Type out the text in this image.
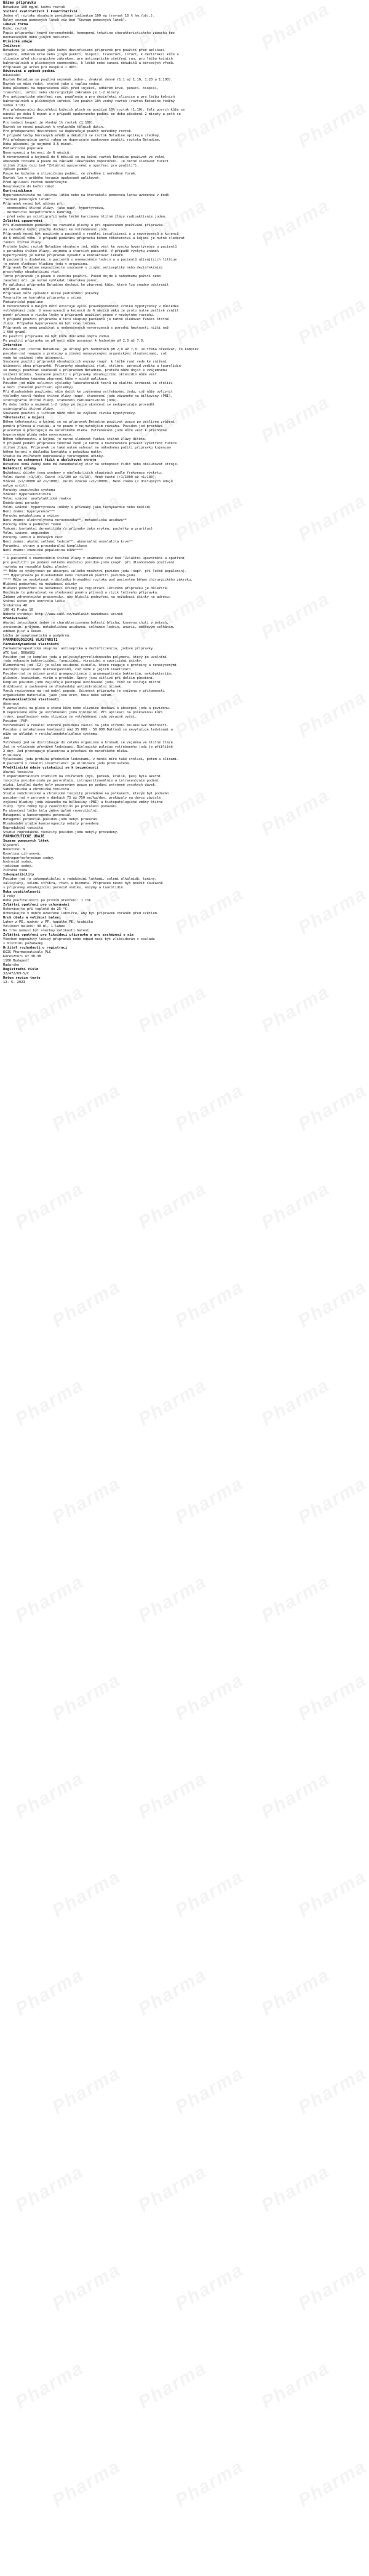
Název přípravku
Betadine 100 mg/ml kožní roztok
Složení kvalitativní i kvantitativní
Jeden ml roztoku obsahuje povidonum iodinatum 100 mg (rovnat 10 % hm./obj.).
Úplný seznam pomocných látek viz bod "Seznam pomocných látek".
Léková forma
Kožní roztok
Popis přípravku: tmavě červenohnědá, homogenní tekutina charakteristického zápachu bez
mechanických nebo jiných nečistot.
Klinické údaje
Indikace
Betadine je indikován jako kožní dezinficiens přípravek pro použití před aplikací
injekce, odběrem krve nebo jiným punkcí, biopsií, transfúzí, infúzí, k dezinfekci kůže a
sliznice před chirurgickým zákrokem, pro antiseptické ošetření ran, pro léčbu kožních
bakteriálních a plísňových onemocnění, k léčbě nebo sanaci dekubitů a bércových vředů.
Přípravek je určen pro dospělé i děti.
Dávkování a způsob podání
Dávkování
Roztok Betadine se používá nejméně jedno-, dvakrát denně (1:1 až 1:10, 1:20 a 1:100).
Roztok se může ředit, stejně jako i teplou vodou.
Doba působení na neporušenou kůži před injekcí, odběrem krve, punkcí, biopsií,
transfúzí, infúzí nebo chirurgickým zákrokem je 1-2 minuty.
Pro antiseptické ošetření ran, popálenin a pro dezinfekci sliznice a pro léčbu kožních
bakteriálních a plísňových infekcí lze použít 10% vodný roztok (roztok Betadine ředěný
vodou 1:10).
Pro předoperační dezinfekci kožních ploch se používá 10% roztok (1:10). Celý povrch kůže se
nanáší po dobu 5 minut a v případě opakovaného podání se doba působení 2 minuty a poté se
nechá zaschnout.
Pro sedací koupel je vhodný 1% roztok (1:100).
Roztok se nesmí používat k výplachům tělních dutin.
Pro předoperační dezinfekci se doporučuje použít neředěný roztok.
V případě léčby bércových vředů a dekubitů se roztok Betadine aplikuje zředěný.
Při předoperačním umytí rukou se doporučuje opakované použití roztoku Betadine.
Doba působení je nejméně 3-5 minut.
Pediatrická populace
Novorozenci a kojenci do 6 měsíců:
U novorozenců a kojenců do 6 měsíců se má kožní roztok Betadine používat ve velmi
omezeném rozsahu a pouze na základě lékařského doporučení. Je nutné sledovat funkci
štítné žlázy (viz bod "Zvláštní upozornění a opatření pro použití").
Způsob podání
Pouze ke kožnímu a slizničnímu podání, ve zředěné i neředěné formě.
Roztok lze v průběhu terapie opakovaně aplikovat.
Před aplikací roztok neohřívejte.
Nevylévejte do kožní rány!
Kontraindikace
Hypersenzitivita na léčivou látku nebo na kteroukoli pomocnou látku uvedenou v bodě
"Seznam pomocných látek".
Přípravek nesmí být užíván při:
- onemocnění štítné žlázy, jako např. hypertyreóza,
- dermatitis herpetiformis Duhring,
- před nebo po scintigrafii nebo léčbě karcinomu štítné žlázy radioaktivním jodem.
Zvláštní upozornění
Při dlouhodobém podávání na rozsáhlé plochy a při opakovaném používání přípravku
na rozsáhlé kožní plochy dochází ke vstřebávání jodu.
Přípravek nesmí být používán u pacientů s renální insuficiencí a u novorozenců a kojenců
do 6 měsíců věku. V případě podávání přípravku během těhotenství a kojení je nutné sledovat
funkci štítné žlázy.
Protože kožní roztok Betadine obsahuje jod, může vést ke vzniku hypertyreózy u pacientů
s poruchou štítné žlázy, zejména u starších pacientů. V případě výskytu známek
hypertyreózy je nutné přípravek vysadit a kontaktovat lékaře.
U pacientů s diabetem, u pacientů s onemocněním ledvin a u pacientů užívajících lithium
je nutné sledovat hladinu jodu v organismu.
Přípravek Betadine nepoužívejte současně s jinými antiseptiky nebo dezinfekčními
prostředky obsahujícími rtuť.
Tento přípravek je pouze k zevnímu použití. Pokud dojde k náhodnému požití nebo
zasažení očí, je nutné vyhledat lékařskou pomoc.
Po aplikaci přípravku Betadine dochází ke zbarvení kůže, které lze snadno odstranit
mýdlem a vodou.
Přípravek může způsobit mírné podráždění pokožky.
Vyvarujte se kontaktu přípravku s očima.
Pediatrická populace
U novorozenců a malých dětí existuje vyšší pravděpodobnost vzniku hypotyreózy v důsledku
vstřebávání jodu. U novorozenců a kojenců do 6 měsíců věku je proto nutné pečlivě zvážit
poměr přínosu a rizika léčby a přípravek používat pouze v nezbytném rozsahu.
V případě použití přípravku u této skupiny pacientů je nutné sledovat funkci štítné
žlázy. Případná hypotyreóza má být včas léčena.
Přípravek se nemá používat u nedonošených novorozenců s porodní hmotností nižší než
1 500 gramů.
Po použití přípravku má být kůže důkladně omyta vodou.
Po použití přípravku se pH moči může posunout k hodnotám pH 2,0 až 7,0.
Interakce
Povidon-jod (roztok Betadine) je účinný při hodnotách pH 2,0 až 7,0. Je třeba očekávat, že komplex
povidon-jod reaguje s proteiny a jinými nenasycenými organickými sloučeninami, což
vede ke snížení jeho účinnosti.
Současné použití přípravků obsahujících enzymy (např. k léčbě ran) vede ke snížení
účinnosti obou přípravků. Přípravky obsahující rtuť, stříbro, peroxid vodíku a taurolidin
se nemají používat současně s přípravkem Betadine, protože může dojít k vzájemnému
snížení účinku. Současné použití s přípravky obsahujícími oktenidin může vést
k přechodnému tmavému zbarvení kůže v místě aplikace.
Povidon-jod může ovlivnit výsledky laboratorních testů na okultní krvácení ve stolici
a moči (falešně pozitivní výsledky).
Při dlouhodobém používání může dojít ke zvýšenému vstřebávání jodu, což může ovlivnit
výsledky testů funkce štítné žlázy (např. stanovení jodu vázaného na bílkoviny (PBI),
scintigrafie štítné žlázy, stanovení radioaktivního jodu).
Po dobu léčby a nejméně 1-2 týdny po jejím ukončení se nedoporučuje provádět
scintigrafii štítné žlázy.
Současné použití s lithiem může vést ke zvýšení rizika hypotyreózy.
Těhotenství a kojení
Během těhotenství a kojení se má přípravek Betadine používat pouze po pečlivém zvážení
poměru přínosu a rizika, a to pouze v nejnutnějším rozsahu. Povidon-jod prochází
placentou a přestupuje do mateřského mléka. Vstřebávání jodu může vést k přechodné
hypotyreóze plodu nebo novorozence.
Během těhotenství a kojení je nutné sledovat funkci štítné žlázy dítěte.
V případě podání přípravku těhotné ženě je nutné u novorozence provést vyšetření funkce
štítné žlázy. Přípravek je také nutné vyhnout se náhodnému požití přípravku kojencem
během kojení v důsledku kontaktu s pokožkou matky.
Studie na zvířatech neprokázaly teratogenní účinky.
Účinky na schopnost řídit a obsluhovat stroje
Betadine nemá žádný nebo má zanedbatelný vliv na schopnost řídit nebo obsluhovat stroje.
Nežádoucí účinky
Nežádoucí účinky jsou uvedeny v následujících skupinách podle frekvence výskytu:
Velmi časté (>1/10), Časté (>1/100 až <1/10), Méně časté (>1/1000 až <1/100),
Vzácné (>1/10000 až <1/1000), Velmi vzácné (<1/10000), Není známo (z dostupných údajů
nelze určit).
Poruchy imunitního systému
Vzácné: hypersenzitivita
Velmi vzácné: anafylaktická reakce
Endokrinní poruchy
Velmi vzácné: hypertyreóza (někdy s příznaky jako tachykardie nebo neklid)
Není známo: hypotyreóza***
Poruchy metabolismu a výživy
Není známo: elektrolytová nerovnováha**, metabolická acidóza**
Poruchy kůže a podkožní tkáně
Vzácné: kontaktní dermatitida (s příznaky jako erytém, puchýřky a pruritus)
Velmi vzácné: angioedém
Poruchy ledvin a močových cest
Není známo: akutní selhání ledvin**, abnormální osmolalita krve**
Poranění, otravy a procedurální komplikace
Není známo: chemická popálenina kůže****
-------------------
* U pacientů s onemocněním štítné žlázy v anamnéze (viz bod "Zvláštní upozornění a opatření
pro použití") po podání velkého množství povidon-jodu (např. při dlouhodobém používání
roztoku na rozsáhlé kožní plochy).
** Může se vyskytnout po absorpci velkého množství povidon-jodu (např. při léčbě popálenin).
*** Hypotyreóza po dlouhodobém nebo rozsáhlém použití povidon-jodu.
**** Může se vyskytnout v důsledku hromadění roztoku pod pacientem během chirurgického zákroku.
Hlášení podezření na nežádoucí účinky
Hlášení podezření na nežádoucí účinky po registraci léčivého přípravku je důležité.
Umožňuje to pokračovat ve sledování poměru přínosů a rizik léčivého přípravku.
Žádáme zdravotnické pracovníky, aby hlásili podezření na nežádoucí účinky na adresu:
Státní ústav pro kontrolu léčiv
Šrobárova 48
100 41 Praha 10
Webové stránky: http://www.sukl.cz/nahlasit-nezadouci-ucinek
Předávkování
Akutní intoxikace jodem je charakterizována bolestí břicha, kovovou chutí v ústech,
zvracením, průjmem, metabolickou acidózou, selháním ledvin, anurií, oběhovým selháním,
edémem plic a šokem.
Léčba je symptomatická a podpůrná.
FARMAKOLOGICKÉ VLASTNOSTI
Farmakodynamické vlastnosti
Farmakoterapeutická skupina: antiseptika a dezinficiencia, jodové přípravky
ATC kód: D08AG02
Povidon-jod je komplex jodu a polyvinylpyrrolidonového polymeru, který po uvolnění
jodu vykazuje baktericidní, fungicidní, virucidní a sporicidní účinky.
Elementární jod (I2) je silné oxidační činidlo, které reaguje s proteiny a nenasycenými
mastnými kyselinami mikroorganismů, což vede k jejich inaktivaci.
Povidon-jod je účinný proti grampozitivním i gramnegativním bakteriím, mykobakteriím,
plísním, kvasinkám, virům a prvokům. Spory jsou citlivé při delším působení.
Komplex povidon-jodu zajišťuje postupné uvolňování jodu, čímž se snižuje místní
dráždivost a zachovává se dlouhodobý antimikrobiální účinek.
Vznik rezistence na jod nebyl popsán. Účinnost přípravku je snížena v přítomnosti
organického materiálu, jako jsou krev, hnis nebo sérum.
Farmakokinetické vlastnosti
Absorpce
V závislosti na ploše a stavu kůže nebo sliznice dochází k absorpci jodu a povidonu.
U neporušené kůže je vstřebávání jodu minimální. Při aplikaci na poškozenou kůži
(rány, popáleniny) nebo sliznice je vstřebávání jodu výrazně vyšší.
Povidon (PVP)
Vstřebávání a renální exkrece povidonu závisí na jeho střední molekulové hmotnosti.
Povidon s molekulovou hmotností nad 35 000 - 50 000 Daltonů se nevylučuje ledvinami a
může se ukládat v retikuloendoteliálním systému.
Jod
Vstřebaný jod se distribuuje do celého organismu a hromadí se zejména ve štítné žláze.
Jod je vylučován převážně ledvinami. Biologický poločas vstřebaného jodu je přibližně
2 dny. Jod prostupuje placentou a přechází do mateřského mléka.
Eliminace
Vylučování jodu probíhá především ledvinami, v menší míře také stolicí, potem a slinami.
U pacientů s renální insuficiencí je eliminace jodu prodloužena.
Předklinické údaje vztahující se k bezpečnosti
Akutní toxicita
V experimentálních studiích na zvířatech (myš, potkan, králík, pes) byla akutní
toxicita povidon-jodu po perorálním, intraperitoneálním a intravenózním podání
nízká. Letální dávky byly pozorovány pouze po podání extrémně vysokých dávek.
Subchronická a chronická toxicita
Studie subchronické a chronické toxicity prováděné na potkanech, kterým byl podáván
povidon-jod v potravě v dávkách 75 až 750 mg/kg/den, prokázaly na dávce závislé
zvýšení hladiny jodu vázaného na bílkoviny (PBI) a histopatologické změny štítné
žlázy. Tyto změny byly reverzibilní po přerušení podávání.
Po ukončení léčby byla změny úplně reverzibilní.
Mutagenní a kancerogenní potenciál
Mutagenní potenciál povidon-jodu nebyl prokázán.
Dlouhodobé studie kancerogenity nebyly provedeny.
Reprodukční toxicita
Studie reprodukční toxicity povidon-jodu nebyly provedeny.
FARMACEUTICKÉ ÚDAJE
Seznam pomocných látek
Glycerol
Nonoxinol 9
Kyselina citronová,
hydrogenfosforečnan sodný,
hydroxid sodný,
jodičnan sodný,
čištěná voda
Inkompatibility
Povidon-jod je inkompatibilní s redukčními látkami, solemi alkaloidů, taniny,
salicyláty, solemi stříbra, rtuti a bismutu. Přípravek nesmí být použit současně
s přípravky obsahujícími peroxid vodíku, enzymy a taurolidin.
Doba použitelnosti
3 roky
Doba použitelnosti po prvním otevření: 1 rok
Zvláštní opatření pro uchovávání
Uchovávejte při teplotě do 25 °C.
Uchovávejte v dobře uzavřené lahvičce, aby byl přípravek chráněn před světlem.
Druh obalu a velikost balení
Lahev z PE, uzávěr z PP, kapátko PE, krabička
Velikost balení: 30 ml, 1 lahev
Na trhu nemusí být všechny velikosti balení.
Zvláštní opatření pro likvidaci přípravku a pro zacházení s ním
Všechen nepoužitý léčivý přípravek nebo odpad musí být zlikvidován v souladu
s místními požadavky.
Držitel rozhodnutí o registraci
EGIS Pharmaceuticals PLC
Keresztúri út 30-38
1106 Budapešť
Maďarsko
Registrační číslo
32/472/69-S/C
Datum revize textu
12. 5. 2023
